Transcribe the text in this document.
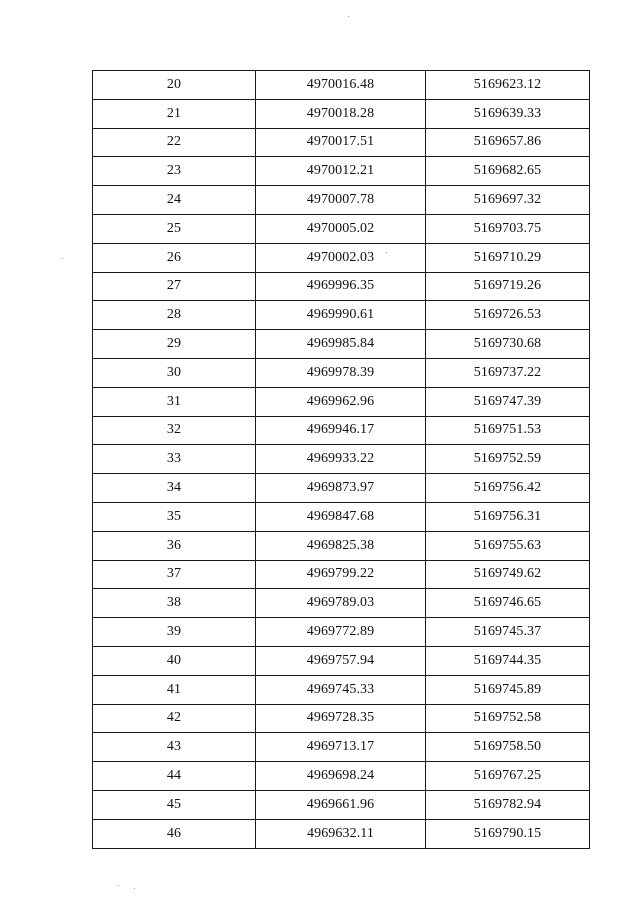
20	4970016.48	5169623.12
21	4970018.28	5169639.33
22	4970017.51	5169657.86
23	4970012.21	5169682.65
24	4970007.78	5169697.32
25	4970005.02	5169703.75
26	4970002.03	5169710.29
27	4969996.35	5169719.26
28	4969990.61	5169726.53
29	4969985.84	5169730.68
30	4969978.39	5169737.22
31	4969962.96	5169747.39
32	4969946.17	5169751.53
33	4969933.22	5169752.59
34	4969873.97	5169756.42
35	4969847.68	5169756.31
36	4969825.38	5169755.63
37	4969799.22	5169749.62
38	4969789.03	5169746.65
39	4969772.89	5169745.37
40	4969757.94	5169744.35
41	4969745.33	5169745.89
42	4969728.35	5169752.58
43	4969713.17	5169758.50
44	4969698.24	5169767.25
45	4969661.96	5169782.94
46	4969632.11	5169790.15
